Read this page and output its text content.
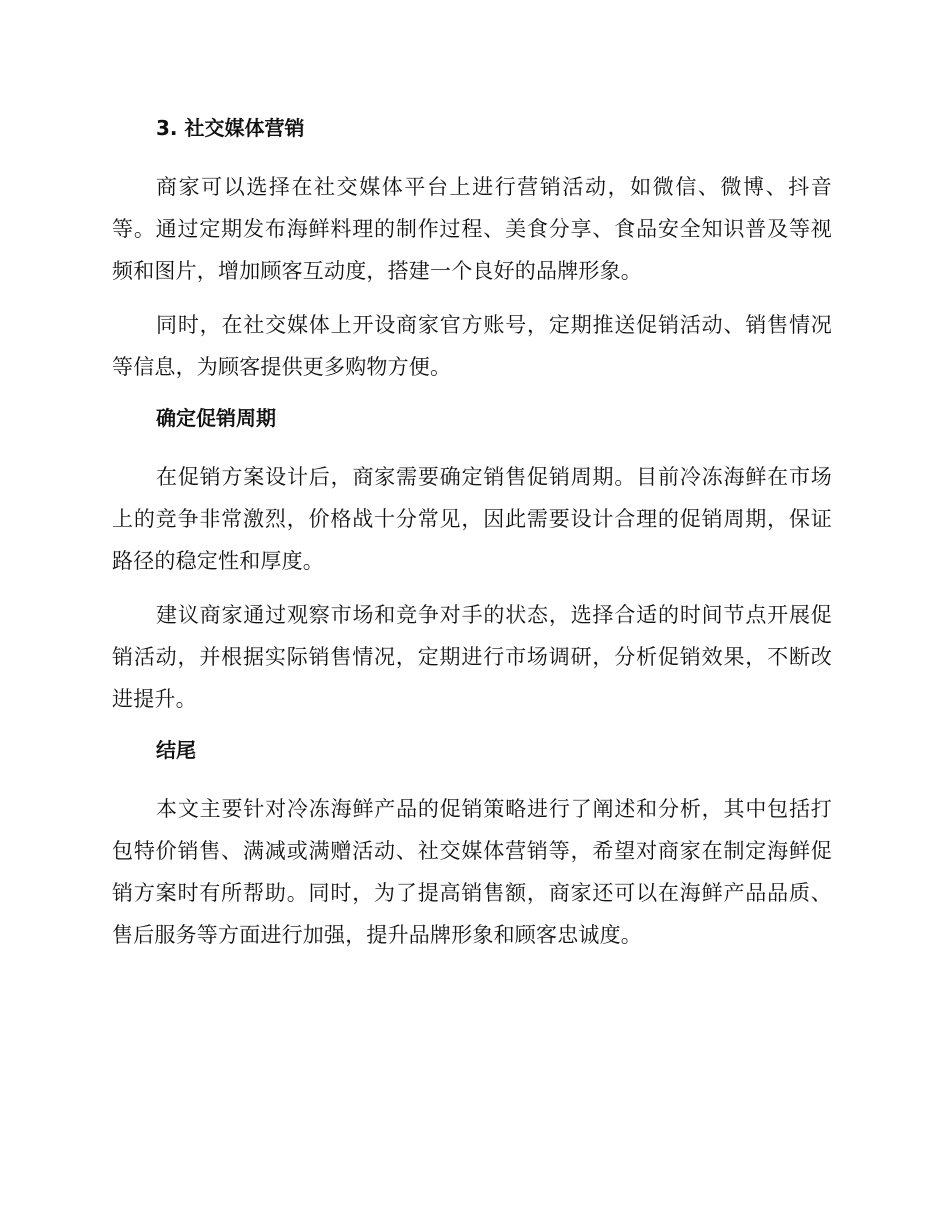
3. 社交媒体营销

商家可以选择在社交媒体平台上进行营销活动，如微信、微博、抖音等。通过定期发布海鲜料理的制作过程、美食分享、食品安全知识普及等视频和图片，增加顾客互动度，搭建一个良好的品牌形象。

同时，在社交媒体上开设商家官方账号，定期推送促销活动、销售情况等信息，为顾客提供更多购物方便。

确定促销周期

在促销方案设计后，商家需要确定销售促销周期。目前冷冻海鲜在市场上的竞争非常激烈，价格战十分常见，因此需要设计合理的促销周期，保证路径的稳定性和厚度。

建议商家通过观察市场和竞争对手的状态，选择合适的时间节点开展促销活动，并根据实际销售情况，定期进行市场调研，分析促销效果，不断改进提升。

结尾

本文主要针对冷冻海鲜产品的促销策略进行了阐述和分析，其中包括打包特价销售、满减或满赠活动、社交媒体营销等，希望对商家在制定海鲜促销方案时有所帮助。同时，为了提高销售额，商家还可以在海鲜产品品质、售后服务等方面进行加强，提升品牌形象和顾客忠诚度。
